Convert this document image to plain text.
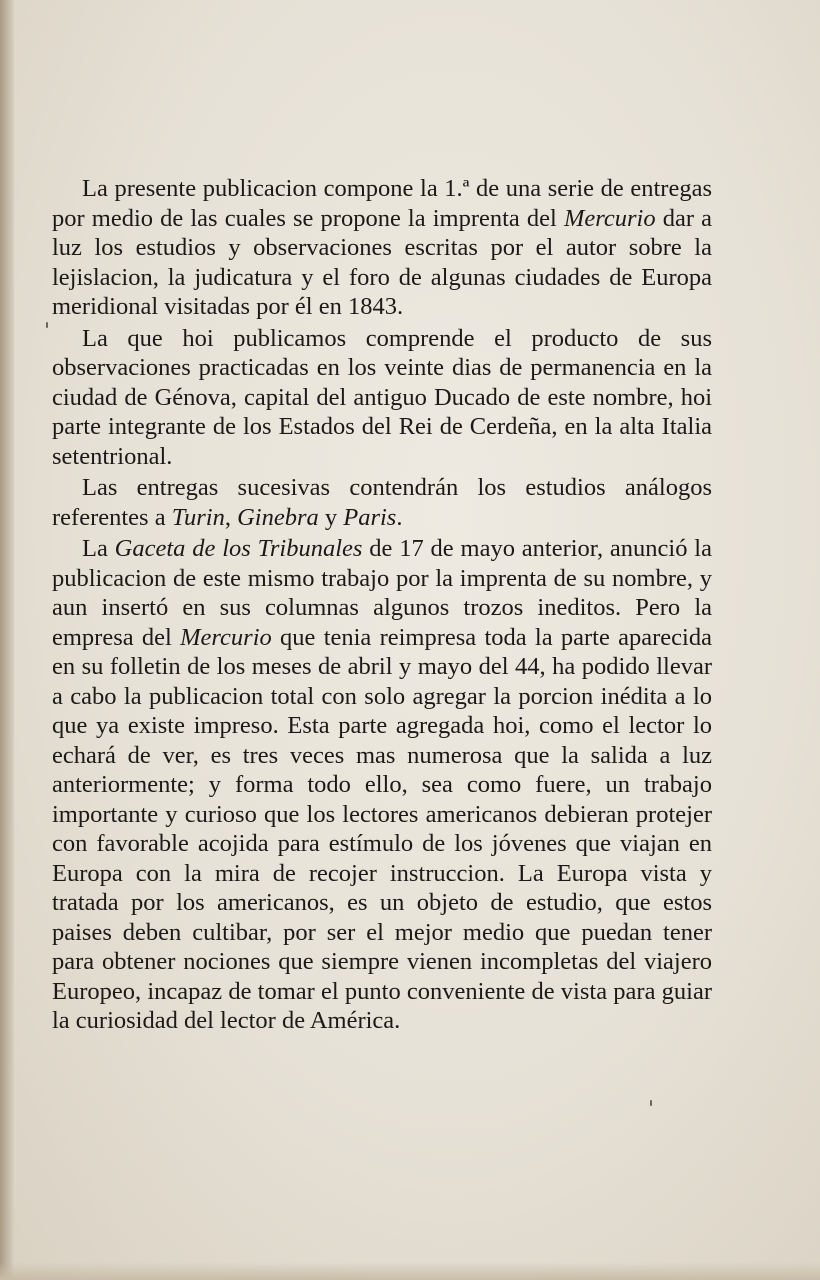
La presente publicacion compone la 1.ª de una serie de entregas por medio de las cuales se propone la imprenta del Mercurio dar a luz los estudios y observaciones escritas por el autor sobre la lejislacion, la judicatura y el foro de algunas ciudades de Europa meridional visitadas por él en 1843.

La que hoi publicamos comprende el producto de sus observaciones practicadas en los veinte dias de permanencia en la ciudad de Génova, capital del antiguo Ducado de este nombre, hoi parte integrante de los Estados del Rei de Cerdeña, en la alta Italia setentrional.

Las entregas sucesivas contendrán los estudios análogos referentes a Turin, Ginebra y Paris.

La Gaceta de los Tribunales de 17 de mayo anterior, anunció la publicacion de este mismo trabajo por la imprenta de su nombre, y aun insertó en sus columnas algunos trozos ineditos. Pero la empresa del Mercurio que tenia reimpresa toda la parte aparecida en su folletin de los meses de abril y mayo del 44, ha podido llevar a cabo la publicacion total con solo agregar la porcion inédita a lo que ya existe impreso. Esta parte agregada hoi, como el lector lo echará de ver, es tres veces mas numerosa que la salida a luz anteriormente; y forma todo ello, sea como fuere, un trabajo importante y curioso que los lectores americanos debieran protejer con favorable acojida para estímulo de los jóvenes que viajan en Europa con la mira de recojer instruccion. La Europa vista y tratada por los americanos, es un objeto de estudio, que estos paises deben cultibar, por ser el mejor medio que puedan tener para obtener nociones que siempre vienen incompletas del viajero Europeo, incapaz de tomar el punto conveniente de vista para guiar la curiosidad del lector de América.
